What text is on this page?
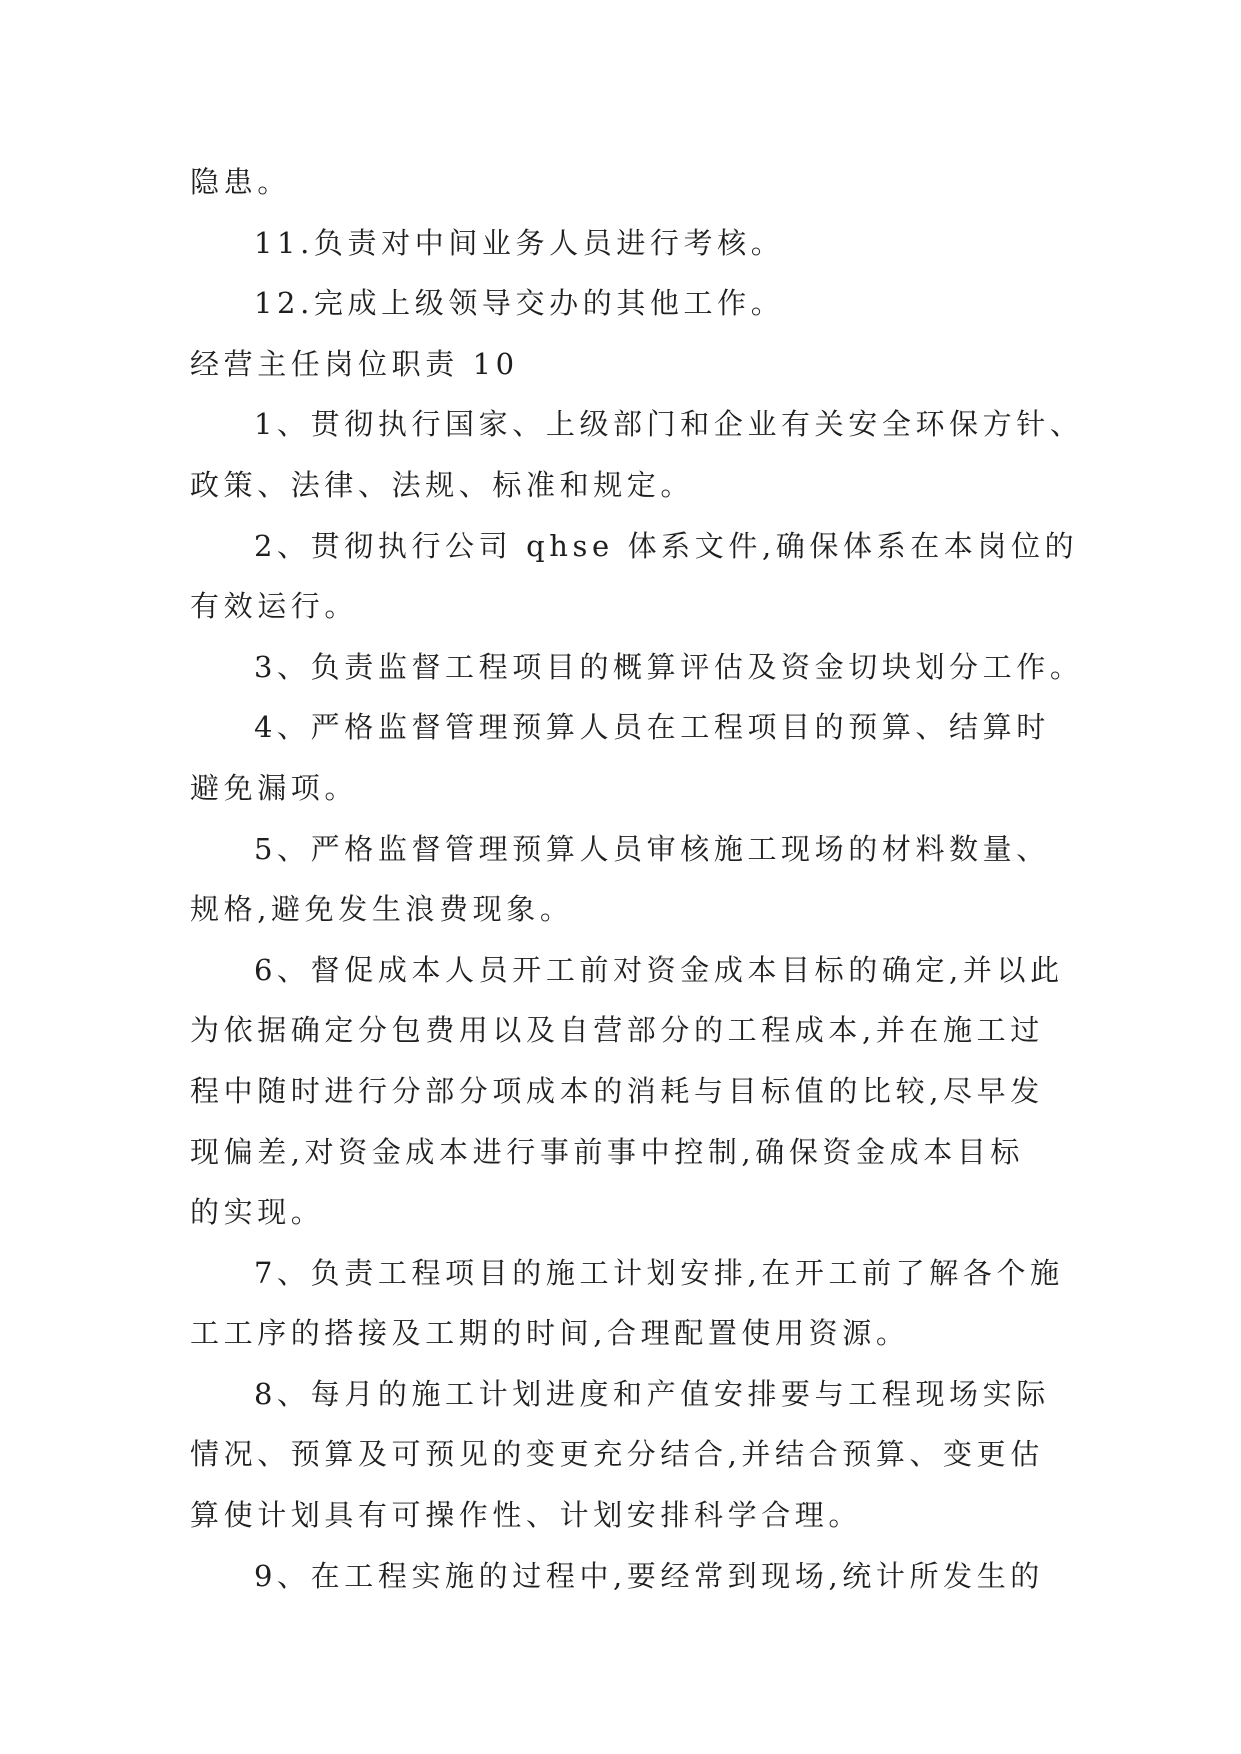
隐患。
11.负责对中间业务人员进行考核。
12.完成上级领导交办的其他工作。
经营主任岗位职责 10
1、贯彻执行国家、上级部门和企业有关安全环保方针、
政策、法律、法规、标准和规定。
2、贯彻执行公司 qhse 体系文件,确保体系在本岗位的
有效运行。
3、负责监督工程项目的概算评估及资金切块划分工作。
4、严格监督管理预算人员在工程项目的预算、结算时
避免漏项。
5、严格监督管理预算人员审核施工现场的材料数量、
规格,避免发生浪费现象。
6、督促成本人员开工前对资金成本目标的确定,并以此
为依据确定分包费用以及自营部分的工程成本,并在施工过
程中随时进行分部分项成本的消耗与目标值的比较,尽早发
现偏差,对资金成本进行事前事中控制,确保资金成本目标
的实现。
7、负责工程项目的施工计划安排,在开工前了解各个施
工工序的搭接及工期的时间,合理配置使用资源。
8、每月的施工计划进度和产值安排要与工程现场实际
情况、预算及可预见的变更充分结合,并结合预算、变更估
算使计划具有可操作性、计划安排科学合理。
9、在工程实施的过程中,要经常到现场,统计所发生的
